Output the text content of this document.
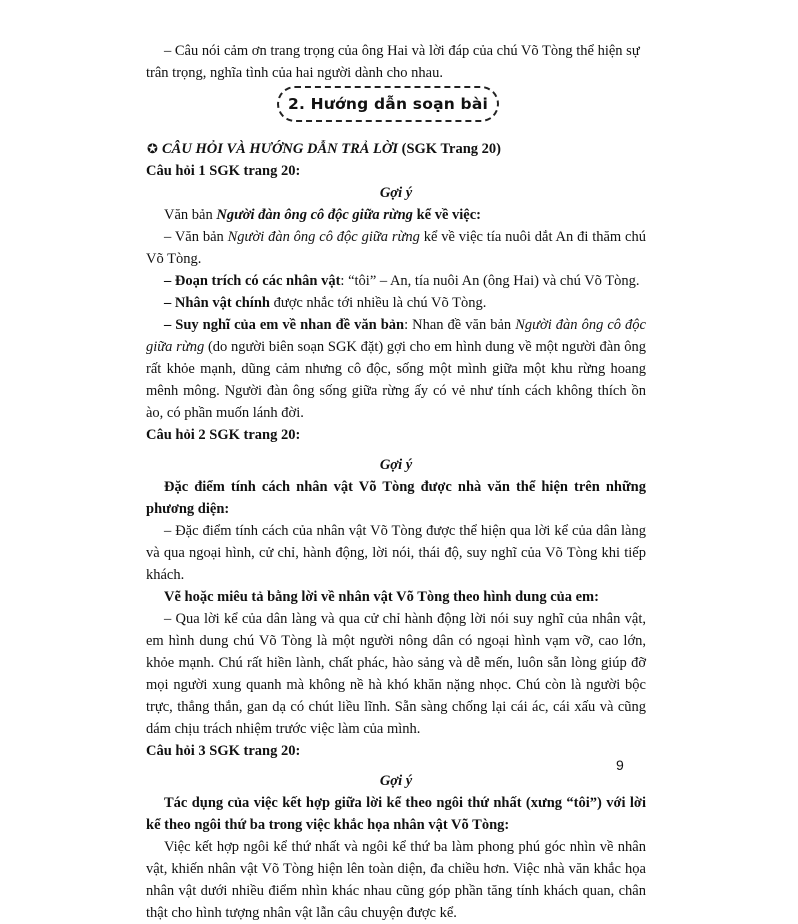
– Câu nói cảm ơn trang trọng của ông Hai và lời đáp của chú Võ Tòng thể hiện sự

trân trọng, nghĩa tình của hai người dành cho nhau.

2. Hướng dẫn soạn bài

✪ CÂU HỎI VÀ HƯỚNG DẪN TRẢ LỜI (SGK Trang 20)

Câu hỏi 1 SGK trang 20:

Gợi ý

Văn bản Người đàn ông cô độc giữa rừng kể về việc:

– Văn bản Người đàn ông cô độc giữa rừng kể về việc tía nuôi dắt An đi thăm chú Võ Tòng.

– Đoạn trích có các nhân vật: “tôi” – An, tía nuôi An (ông Hai) và chú Võ Tòng.

– Nhân vật chính được nhắc tới nhiều là chú Võ Tòng.

– Suy nghĩ của em về nhan đề văn bản: Nhan đề văn bản Người đàn ông cô độc giữa rừng (do người biên soạn SGK đặt) gợi cho em hình dung về một người đàn ông rất khỏe mạnh, dũng cảm nhưng cô độc, sống một mình giữa một khu rừng hoang mênh mông. Người đàn ông sống giữa rừng ấy có vẻ như tính cách không thích ồn ào, có phần muốn lánh đời.

Câu hỏi 2 SGK trang 20:

Gợi ý

Đặc điểm tính cách nhân vật Võ Tòng được nhà văn thể hiện trên những phương diện:

– Đặc điểm tính cách của nhân vật Võ Tòng được thể hiện qua lời kể của dân làng và qua ngoại hình, cử chỉ, hành động, lời nói, thái độ, suy nghĩ của Võ Tòng khi tiếp khách.

Vẽ hoặc miêu tả bằng lời về nhân vật Võ Tòng theo hình dung của em:

– Qua lời kể của dân làng và qua cử chỉ hành động lời nói suy nghĩ của nhân vật, em hình dung chú Võ Tòng là một người nông dân có ngoại hình vạm vỡ, cao lớn, khỏe mạnh. Chú rất hiền lành, chất phác, hào sảng và dễ mến, luôn sẵn lòng giúp đỡ mọi người xung quanh mà không nề hà khó khăn nặng nhọc. Chú còn là người bộc trực, thẳng thắn, gan dạ có chút liều lĩnh. Sẵn sàng chống lại cái ác, cái xấu và cũng dám chịu trách nhiệm trước việc làm của mình.

Câu hỏi 3 SGK trang 20:

Gợi ý

Tác dụng của việc kết hợp giữa lời kể theo ngôi thứ nhất (xưng “tôi”) với lời kể theo ngôi thứ ba trong việc khắc họa nhân vật Võ Tòng:

Việc kết hợp ngôi kể thứ nhất và ngôi kể thứ ba làm phong phú góc nhìn về nhân vật, khiến nhân vật Võ Tòng hiện lên toàn diện, đa chiều hơn. Việc nhà văn khắc họa nhân vật dưới nhiều điểm nhìn khác nhau cũng góp phần tăng tính khách quan, chân thật cho hình tượng nhân vật lẫn câu chuyện được kể.

9
